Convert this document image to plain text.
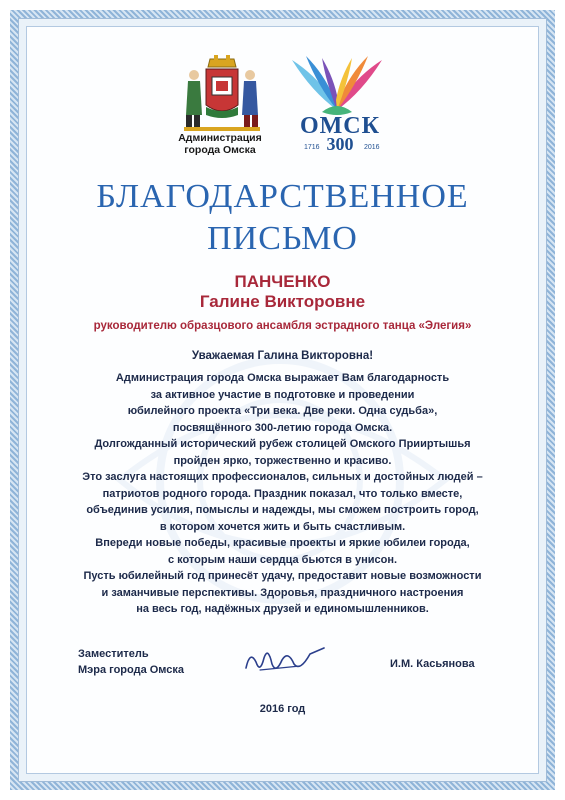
Администрация
города Омска
ОМСК
300
1716	2016
БЛАГОДАРСТВЕННОЕ
ПИСЬМО
ПАНЧЕНКО
Галине Викторовне
руководителю образцового ансамбля эстрадного танца «Элегия»
Уважаемая Галина Викторовна!
Администрация города Омска выражает Вам благодарность
за активное участие в подготовке и проведении
юбилейного проекта «Три века. Две реки. Одна судьба»,
посвящённого 300-летию города Омска.
Долгожданный исторический рубеж столицей Омского Прииртышья
пройден ярко, торжественно и красиво.
Это заслуга настоящих профессионалов, сильных и достойных людей –
патриотов родного города. Праздник показал, что только вместе,
объединив усилия, помыслы и надежды, мы сможем построить город,
в котором хочется жить и быть счастливым.
Впереди новые победы, красивые проекты и яркие юбилеи города,
с которым наши сердца бьются в унисон.
Пусть юбилейный год принесёт удачу, предоставит новые возможности
и заманчивые перспективы. Здоровья, праздничного настроения
на весь год, надёжных друзей и единомышленников.
Заместитель
Мэра города Омска	И.М. Касьянова
2016 год
